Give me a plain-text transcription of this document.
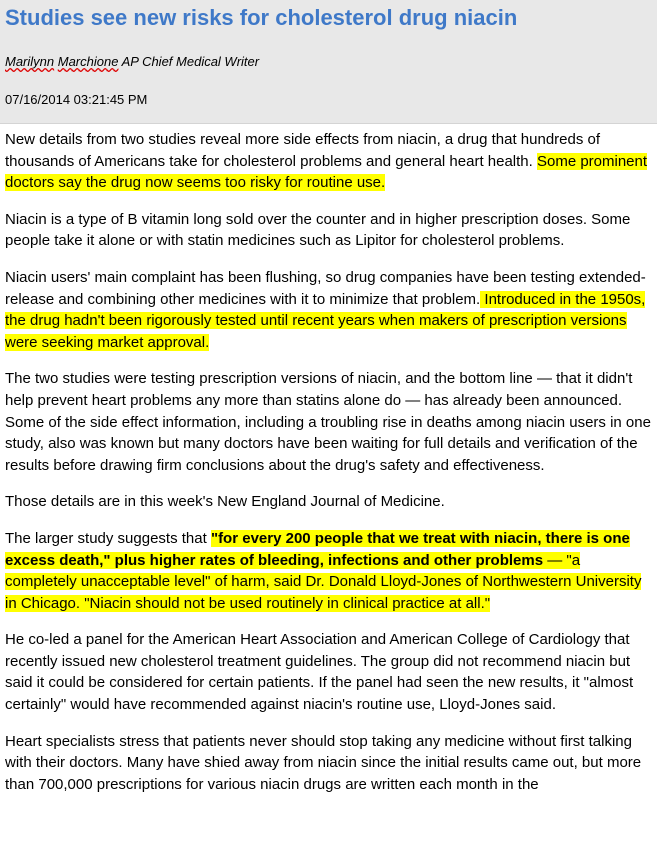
Studies see new risks for cholesterol drug niacin
Marilynn Marchione AP Chief Medical Writer
07/16/2014 03:21:45 PM

New details from two studies reveal more side effects from niacin, a drug that hundreds of thousands of Americans take for cholesterol problems and general heart health. Some prominent doctors say the drug now seems too risky for routine use.

Niacin is a type of B vitamin long sold over the counter and in higher prescription doses. Some people take it alone or with statin medicines such as Lipitor for cholesterol problems.

Niacin users' main complaint has been flushing, so drug companies have been testing extended-release and combining other medicines with it to minimize that problem. Introduced in the 1950s, the drug hadn't been rigorously tested until recent years when makers of prescription versions were seeking market approval.

The two studies were testing prescription versions of niacin, and the bottom line — that it didn't help prevent heart problems any more than statins alone do — has already been announced. Some of the side effect information, including a troubling rise in deaths among niacin users in one study, also was known but many doctors have been waiting for full details and verification of the results before drawing firm conclusions about the drug's safety and effectiveness.

Those details are in this week's New England Journal of Medicine.

The larger study suggests that "for every 200 people that we treat with niacin, there is one excess death," plus higher rates of bleeding, infections and other problems — "a completely unacceptable level" of harm, said Dr. Donald Lloyd-Jones of Northwestern University in Chicago. "Niacin should not be used routinely in clinical practice at all."

He co-led a panel for the American Heart Association and American College of Cardiology that recently issued new cholesterol treatment guidelines. The group did not recommend niacin but said it could be considered for certain patients. If the panel had seen the new results, it "almost certainly" would have recommended against niacin's routine use, Lloyd-Jones said.

Heart specialists stress that patients never should stop taking any medicine without first talking with their doctors. Many have shied away from niacin since the initial results came out, but more than 700,000 prescriptions for various niacin drugs are written each month in the
